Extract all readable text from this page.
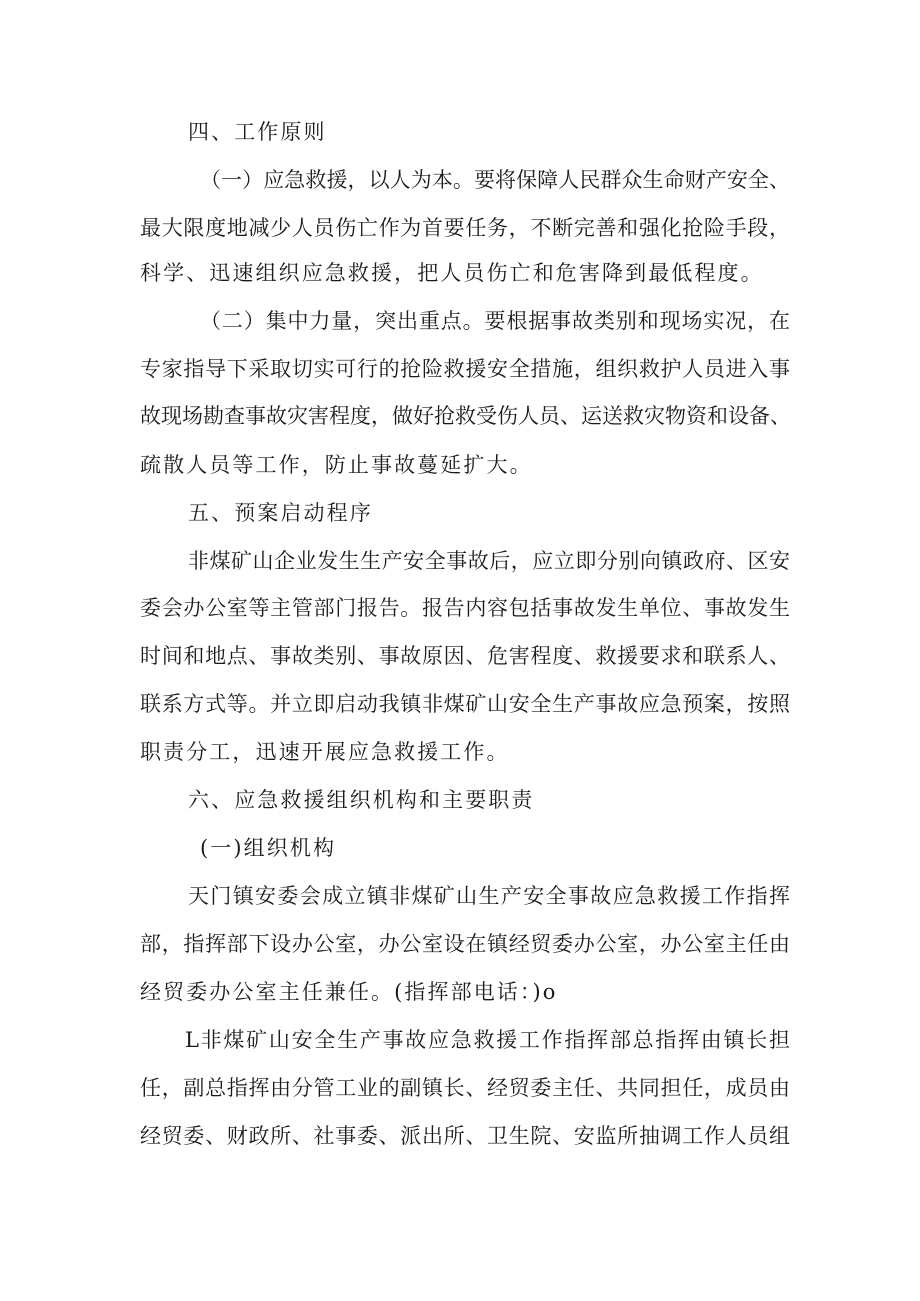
四、工作原则
（一）应急救援，以人为本。要将保障人民群众生命财产安全、
最大限度地减少人员伤亡作为首要任务，不断完善和强化抢险手段，
科学、迅速组织应急救援，把人员伤亡和危害降到最低程度。
（二）集中力量，突出重点。要根据事故类别和现场实况，在
专家指导下采取切实可行的抢险救援安全措施，组织救护人员进入事
故现场勘查事故灾害程度，做好抢救受伤人员、运送救灾物资和设备、
疏散人员等工作，防止事故蔓延扩大。
五、预案启动程序
非煤矿山企业发生生产安全事故后，应立即分别向镇政府、区安
委会办公室等主管部门报告。报告内容包括事故发生单位、事故发生
时间和地点、事故类别、事故原因、危害程度、救援要求和联系人、
联系方式等。并立即启动我镇非煤矿山安全生产事故应急预案，按照
职责分工，迅速开展应急救援工作。
六、应急救援组织机构和主要职责
(一)组织机构
天门镇安委会成立镇非煤矿山生产安全事故应急救援工作指挥
部，指挥部下设办公室，办公室设在镇经贸委办公室，办公室主任由
经贸委办公室主任兼任。(指挥部电话：)o
L非煤矿山安全生产事故应急救援工作指挥部总指挥由镇长担
任，副总指挥由分管工业的副镇长、经贸委主任、共同担任，成员由
经贸委、财政所、社事委、派出所、卫生院、安监所抽调工作人员组
